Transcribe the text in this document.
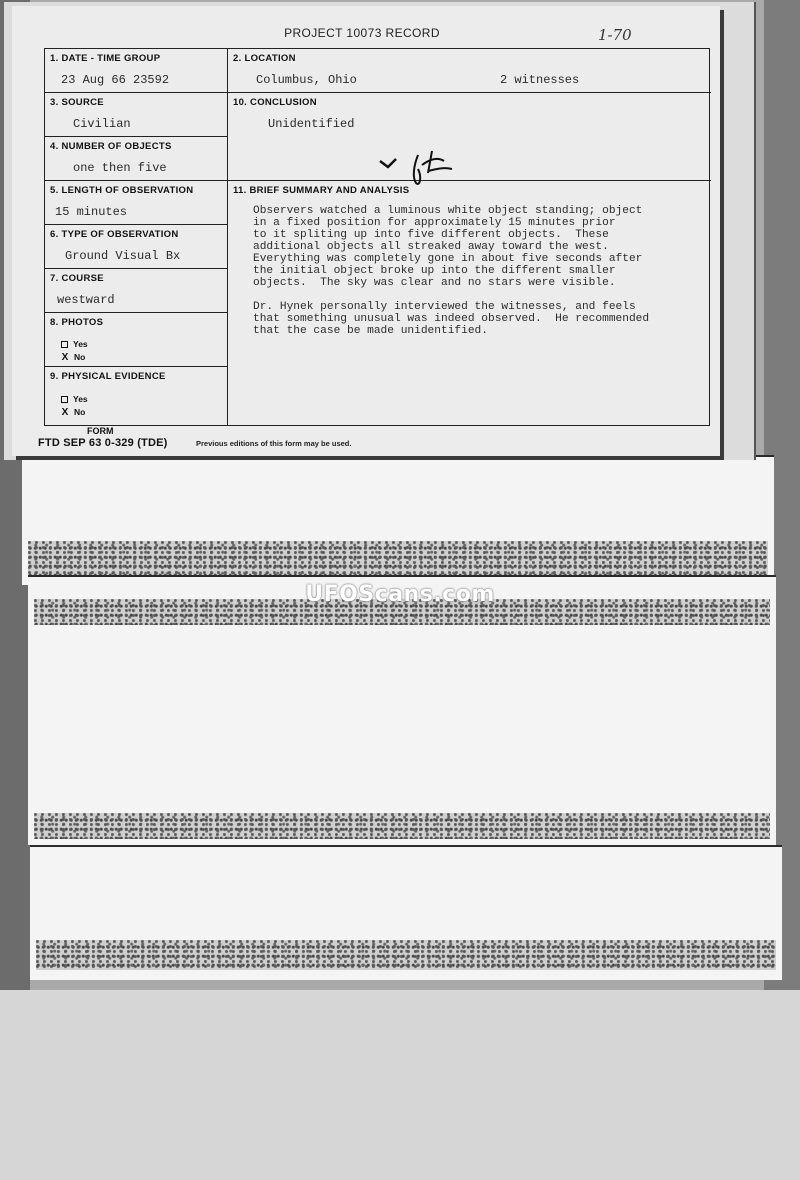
UFOScans.com
PROJECT 10073 RECORD	1-70
1. DATE - TIME GROUP
23 Aug 66 23592
3. SOURCE
Civilian
4. NUMBER OF OBJECTS
one then five
5. LENGTH OF OBSERVATION
15 minutes
6. TYPE OF OBSERVATION
Ground Visual Bx
7. COURSE
westward
8. PHOTOS
Yes
X No
9. PHYSICAL EVIDENCE
Yes
X No
2. LOCATION
Columbus, Ohio	2 witnesses
10. CONCLUSION
Unidentified
11. BRIEF SUMMARY AND ANALYSIS
Observers watched a luminous white object standing; object
in a fixed position for approximately 15 minutes prior
to it spliting up into five different objects.  These
additional objects all streaked away toward the west.
Everything was completely gone in about five seconds after
the initial object broke up into the different smaller
objects.  The sky was clear and no stars were visible.

Dr. Hynek personally interviewed the witnesses, and feels
that something unusual was indeed observed.  He recommended
that the case be made unidentified.
FORM
FTD SEP 63 0-329 (TDE)	Previous editions of this form may be used.
